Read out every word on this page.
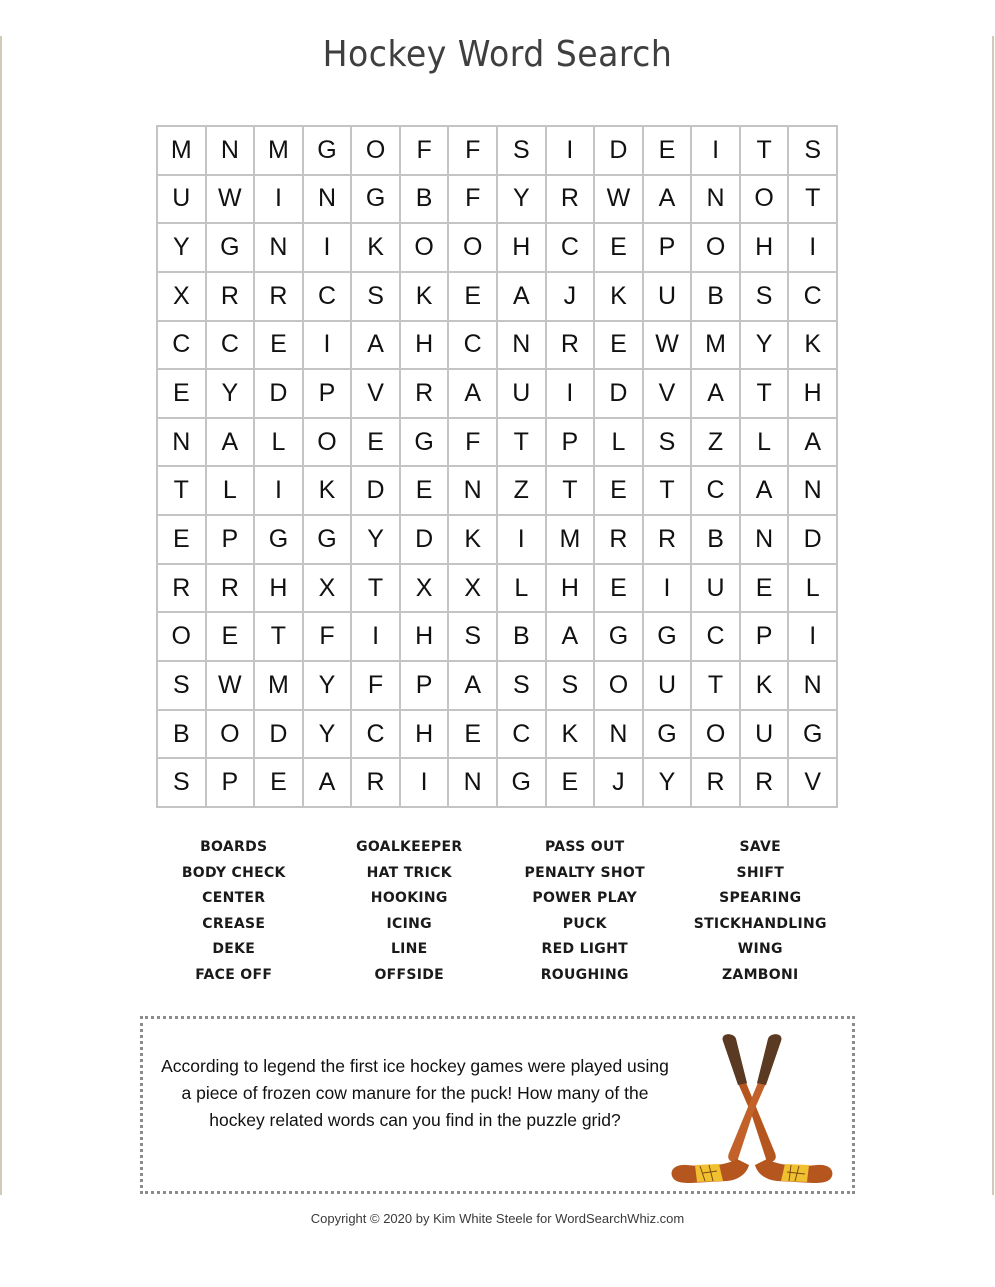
Hockey Word Search
M	N	M	G	O	F	F	S	I	D	E	I	T	S
U	W	I	N	G	B	F	Y	R	W	A	N	O	T
Y	G	N	I	K	O	O	H	C	E	P	O	H	I
X	R	R	C	S	K	E	A	J	K	U	B	S	C
C	C	E	I	A	H	C	N	R	E	W	M	Y	K
E	Y	D	P	V	R	A	U	I	D	V	A	T	H
N	A	L	O	E	G	F	T	P	L	S	Z	L	A
T	L	I	K	D	E	N	Z	T	E	T	C	A	N
E	P	G	G	Y	D	K	I	M	R	R	B	N	D
R	R	H	X	T	X	X	L	H	E	I	U	E	L
O	E	T	F	I	H	S	B	A	G	G	C	P	I
S	W	M	Y	F	P	A	S	S	O	U	T	K	N
B	O	D	Y	C	H	E	C	K	N	G	O	U	G
S	P	E	A	R	I	N	G	E	J	Y	R	R	V
BOARDS
BODY CHECK
CENTER
CREASE
DEKE
FACE OFF
GOALKEEPER
HAT TRICK
HOOKING
ICING
LINE
OFFSIDE
PASS OUT
PENALTY SHOT
POWER PLAY
PUCK
RED LIGHT
ROUGHING
SAVE
SHIFT
SPEARING
STICKHANDLING
WING
ZAMBONI
According to legend the first ice hockey games were played using a piece of frozen cow manure for the puck! How many of the hockey related words can you find in the puzzle grid?
Copyright © 2020 by Kim White Steele for WordSearchWhiz.com
